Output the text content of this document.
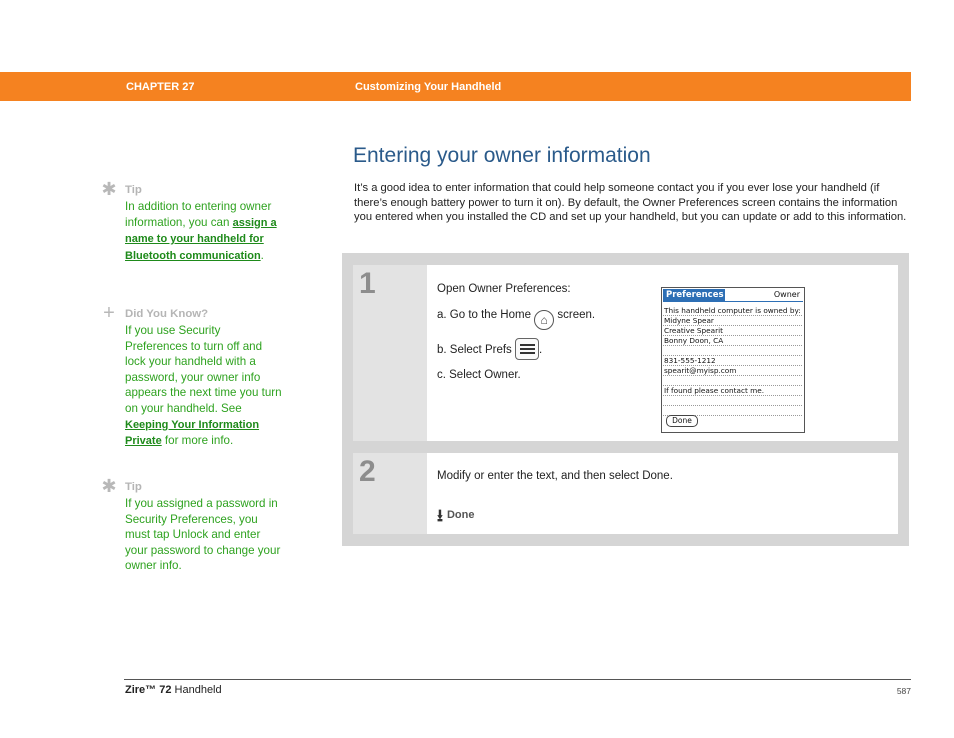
CHAPTER 27	Customizing Your Handheld
Entering your owner information
It’s a good idea to enter information that could help someone contact you if you ever lose your handheld (if there’s enough battery power to turn it on). By default, the Owner Preferences screen contains the information you entered when you installed the CD and set up your handheld, but you can update or add to this information.
✱ Tip
In addition to entering owner information, you can assign a name to your handheld for Bluetooth communication.
+ Did You Know?
If you use Security Preferences to turn off and lock your handheld with a password, your owner info appears the next time you turn on your handheld. See Keeping Your Information Private for more info.
✱ Tip
If you assigned a password in Security Preferences, you must tap Unlock and enter your password to change your owner info.
1	Open Owner Preferences:
a. Go to the Home ⌂ screen.
b. Select Prefs .
c. Select Owner.
Preferences	Owner
This handheld computer is owned by:
Midyne Spear
Creative Spearit
Bonny Doon, CA
831-555-1212
spearit@myisp.com
If found please contact me.
Done
2	Modify or enter the text, and then select Done.
⭳ Done
Zire™ 72 Handheld	587
